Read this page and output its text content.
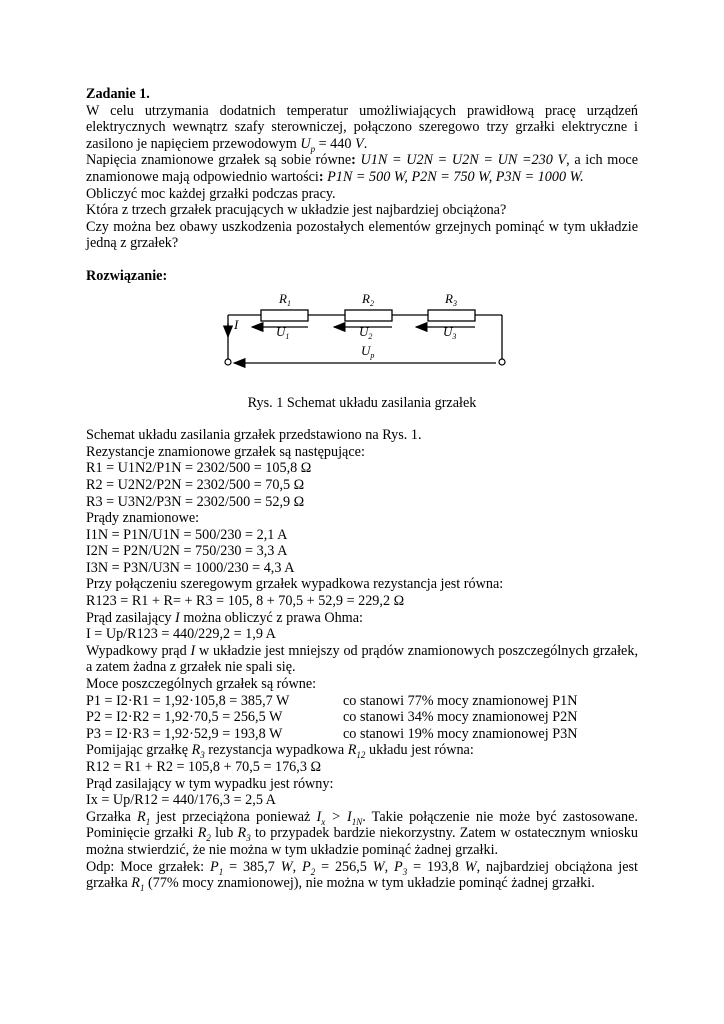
Zadanie 1.

W celu utrzymania dodatnich temperatur umożliwiających prawidłową pracę urządzeń elektrycznych wewnątrz szafy sterowniczej, połączono szeregowo trzy grzałki elektryczne i zasilono je napięciem przewodowym $U_p = 440$ V.

Napięcia znamionowe grzałek są sobie równe: U1N = U2N = U2N = UN =230 V, a ich moce znamionowe mają odpowiednio wartości: P1N = 500 W, P2N = 750 W, P3N = 1000 W.

Obliczyć moc każdej grzałki podczas pracy.

Która z trzech grzałek pracujących w układzie jest najbardziej obciążona?

Czy można bez obawy uszkodzenia pozostałych elementów grzejnych pominąć w tym układzie jedną z grzałek?

Rozwiązanie:

$R_1$	$R_2$	$R_3$
$U_1$	$U_2$	$U_3$
$U_p$
I

Rys. 1 Schemat układu zasilania grzałek

Schemat układu zasilania grzałek przedstawiono na Rys. 1.

Rezystancje znamionowe grzałek są następujące:

R1 = U1N2/P1N = 2302/500 = 105,8 Ω

R2 = U2N2/P2N = 2302/500 = 70,5 Ω

R3 = U3N2/P3N = 2302/500 = 52,9 Ω

Prądy znamionowe:

I1N = P1N/U1N = 500/230 = 2,1 A

I2N = P2N/U2N = 750/230 = 3,3 A

I3N = P3N/U3N = 1000/230 = 4,3 A

Przy połączeniu szeregowym grzałek wypadkowa rezystancja jest równa:

R123 = R1 + R= + R3 = 105, 8 + 70,5 + 52,9 = 229,2 Ω

Prąd zasilający I można obliczyć z prawa Ohma:

I = Up/R123 = 440/229,2 = 1,9 A

Wypadkowy prąd I w układzie jest mniejszy od prądów znamionowych poszczególnych grzałek, a zatem żadna z grzałek nie spali się.

Moce poszczególnych grzałek są równe:

P1 = I2·R1 = 1,92·105,8 = 385,7 W	co stanowi 77% mocy znamionowej P1N
P2 = I2·R2 = 1,92·70,5 = 256,5 W	co stanowi 34% mocy znamionowej P2N
P3 = I2·R3 = 1,92·52,9 = 193,8 W	co stanowi 19% mocy znamionowej P3N

Pomijając grzałkę $R_3$ rezystancja wypadkowa $R_{12}$ układu jest równa:

R12 = R1 + R2 = 105,8 + 70,5 = 176,3 Ω

Prąd zasilający w tym wypadku jest równy:

Ix = Up/R12 = 440/176,3 = 2,5 A

Grzałka $R_1$ jest przeciążona ponieważ $I_x > I_{1N}$. Takie połączenie nie może być zastosowane. Pominięcie grzałki $R_2$ lub $R_3$ to przypadek bardzie niekorzystny. Zatem w ostatecznym wniosku można stwierdzić, że nie można w tym układzie pominąć żadnej grzałki.

Odp: Moce grzałek: $P_1 = 385,7$ W, $P_2 = 256,5$ W, $P_3 = 193,8$ W, najbardziej obciążona jest grzałka $R_1$ (77% mocy znamionowej), nie można w tym układzie pominąć żadnej grzałki.
